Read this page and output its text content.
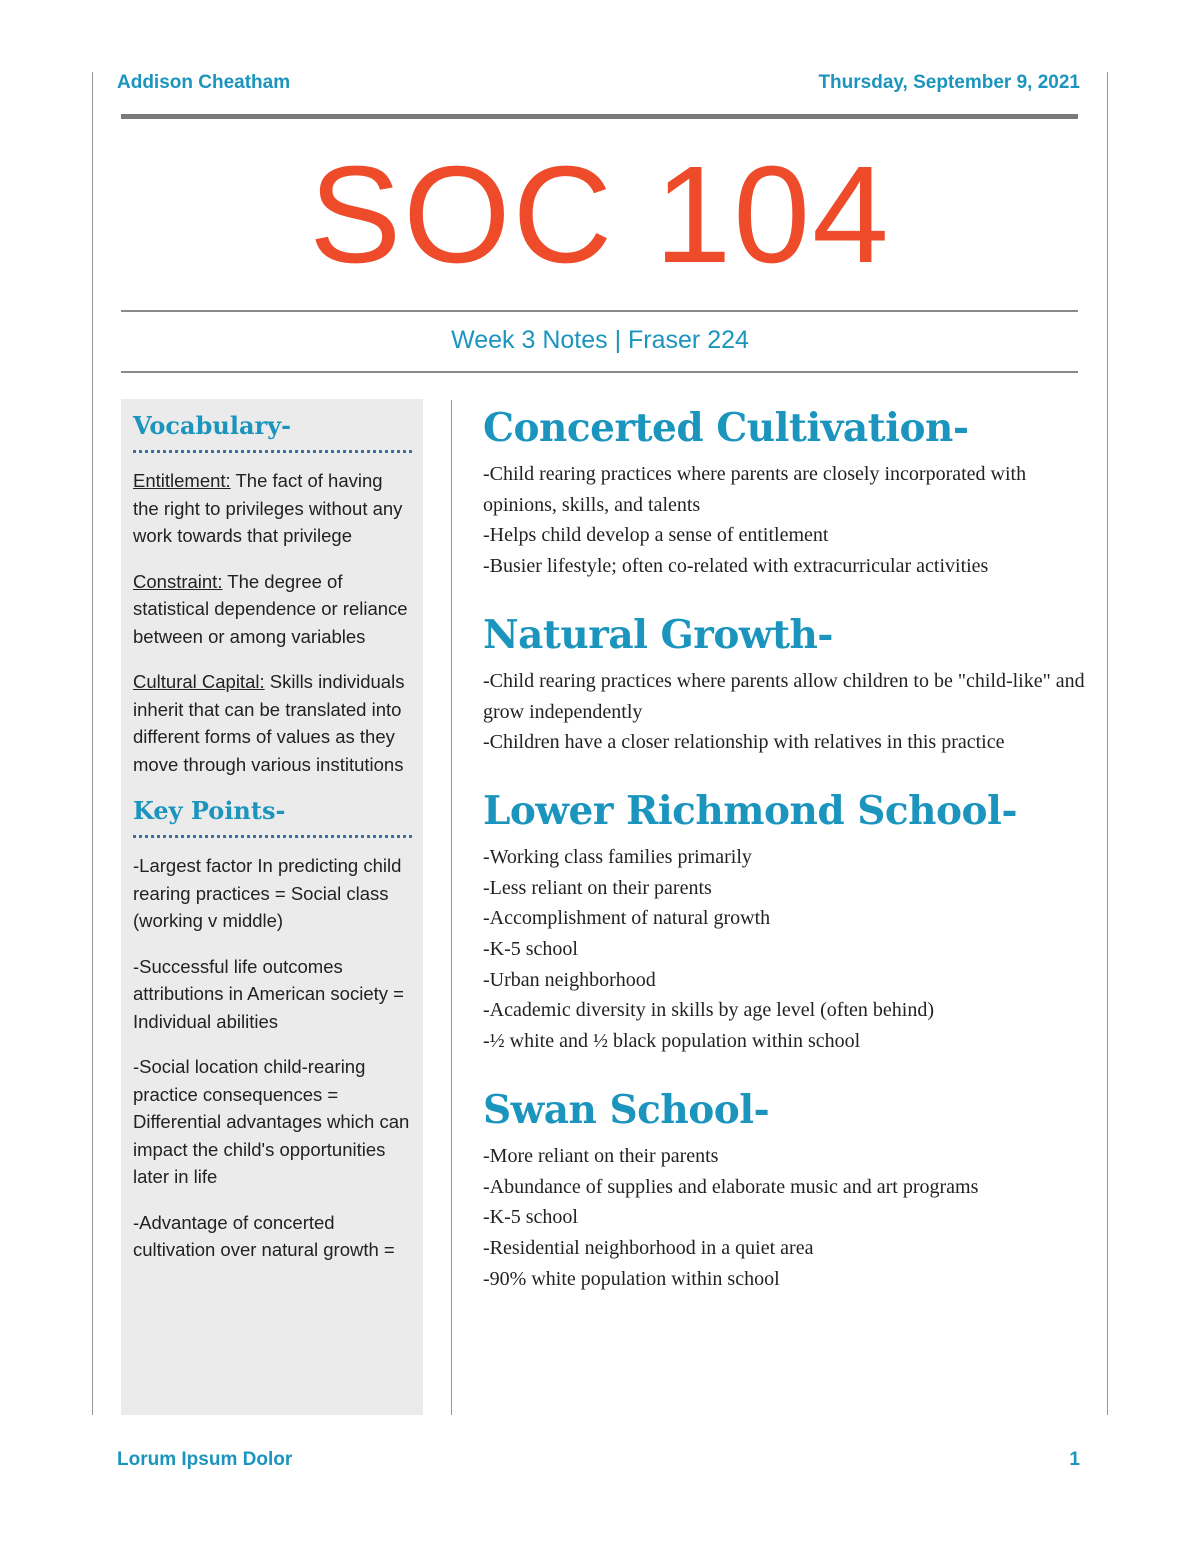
Addison Cheatham	Thursday, September 9, 2021
SOC 104
Week 3 Notes | Fraser 224
Vocabulary-

Entitlement: The fact of having the right to privileges without any work towards that privilege

Constraint: The degree of statistical dependence or reliance between or among variables

Cultural Capital: Skills individuals inherit that can be translated into different forms of values as they move through various institutions

Key Points-

-Largest factor In predicting child rearing practices = Social class (working v middle)

-Successful life outcomes attributions in American society = Individual abilities

-Social location child-rearing practice consequences = Differential advantages which can impact the child's opportunities later in life

-Advantage of concerted cultivation over natural growth =

Concerted Cultivation-
-Child rearing practices where parents are closely incorporated with opinions, skills, and talents
-Helps child develop a sense of entitlement
-Busier lifestyle; often co-related with extracurricular activities
Natural Growth-
-Child rearing practices where parents allow children to be "child-like" and grow independently
-Children have a closer relationship with relatives in this practice
Lower Richmond School-
-Working class families primarily
-Less reliant on their parents
-Accomplishment of natural growth
-K-5 school
-Urban neighborhood
-Academic diversity in skills by age level (often behind)
-½ white and ½ black population within school
Swan School-
-More reliant on their parents
-Abundance of supplies and elaborate music and art programs
-K-5 school
-Residential neighborhood in a quiet area
-90% white population within school
Lorum Ipsum Dolor	1
